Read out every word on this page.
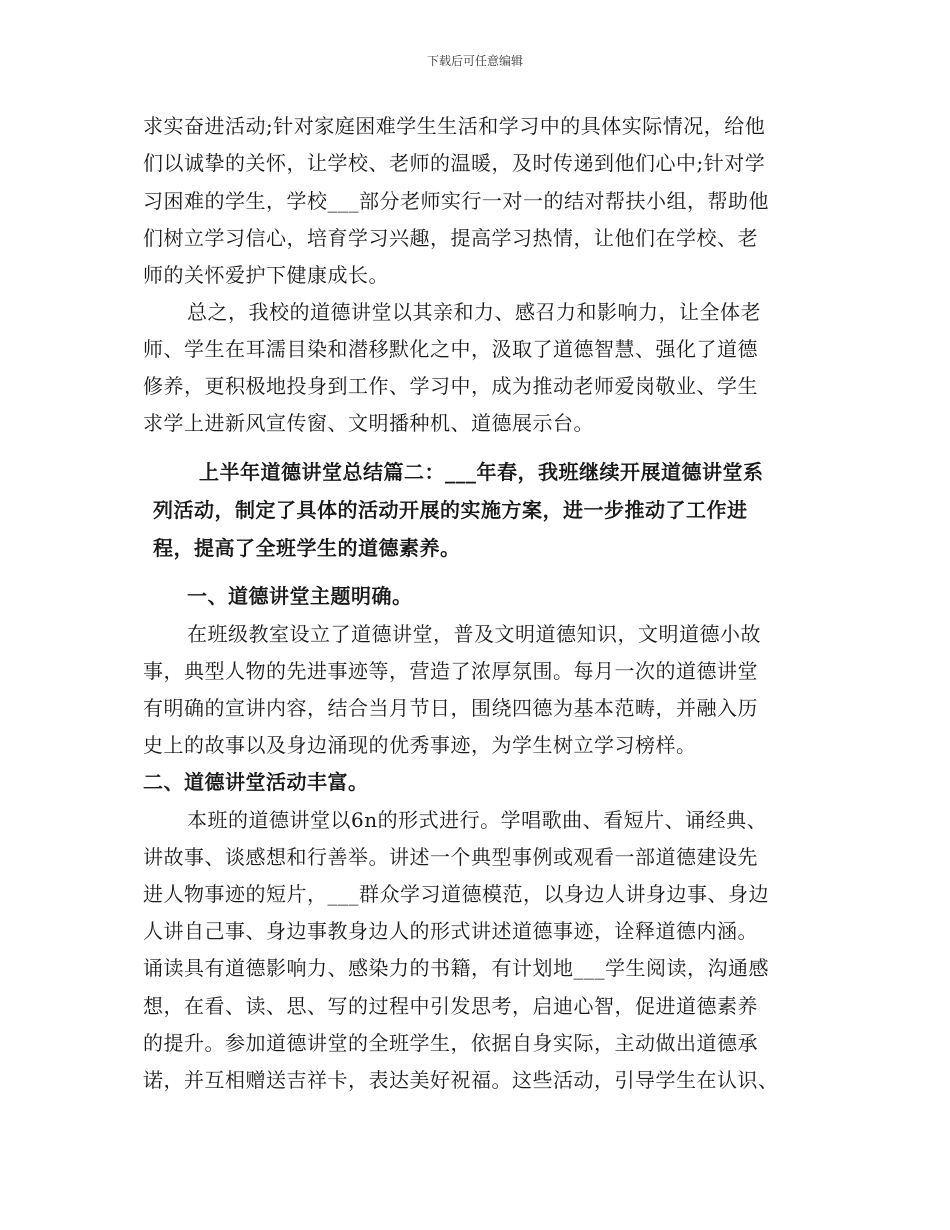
下载后可任意编辑
求实奋进活动;针对家庭困难学生生活和学习中的具体实际情况，给他
们以诚挚的关怀，让学校、老师的温暖，及时传递到他们心中;针对学
习困难的学生，学校___部分老师实行一对一的结对帮扶小组，帮助他
们树立学习信心，培育学习兴趣，提高学习热情，让他们在学校、老
师的关怀爱护下健康成长。
总之，我校的道德讲堂以其亲和力、感召力和影响力，让全体老
师、学生在耳濡目染和潜移默化之中，汲取了道德智慧、强化了道德
修养，更积极地投身到工作、学习中，成为推动老师爱岗敬业、学生
求学上进新风宣传窗、文明播种机、道德展示台。
上半年道德讲堂总结篇二：___年春，我班继续开展道德讲堂系
列活动，制定了具体的活动开展的实施方案，进一步推动了工作进
程，提高了全班学生的道德素养。
一、道德讲堂主题明确。
在班级教室设立了道德讲堂，普及文明道德知识，文明道德小故
事，典型人物的先进事迹等，营造了浓厚氛围。每月一次的道德讲堂
有明确的宣讲内容，结合当月节日，围绕四德为基本范畴，并融入历
史上的故事以及身边涌现的优秀事迹，为学生树立学习榜样。
二、道德讲堂活动丰富。
本班的道德讲堂以6n的形式进行。学唱歌曲、看短片、诵经典、
讲故事、谈感想和行善举。讲述一个典型事例或观看一部道德建设先
进人物事迹的短片，___群众学习道德模范，以身边人讲身边事、身边
人讲自己事、身边事教身边人的形式讲述道德事迹，诠释道德内涵。
诵读具有道德影响力、感染力的书籍，有计划地___学生阅读，沟通感
想，在看、读、思、写的过程中引发思考，启迪心智，促进道德素养
的提升。参加道德讲堂的全班学生，依据自身实际，主动做出道德承
诺，并互相赠送吉祥卡，表达美好祝福。这些活动，引导学生在认识、
